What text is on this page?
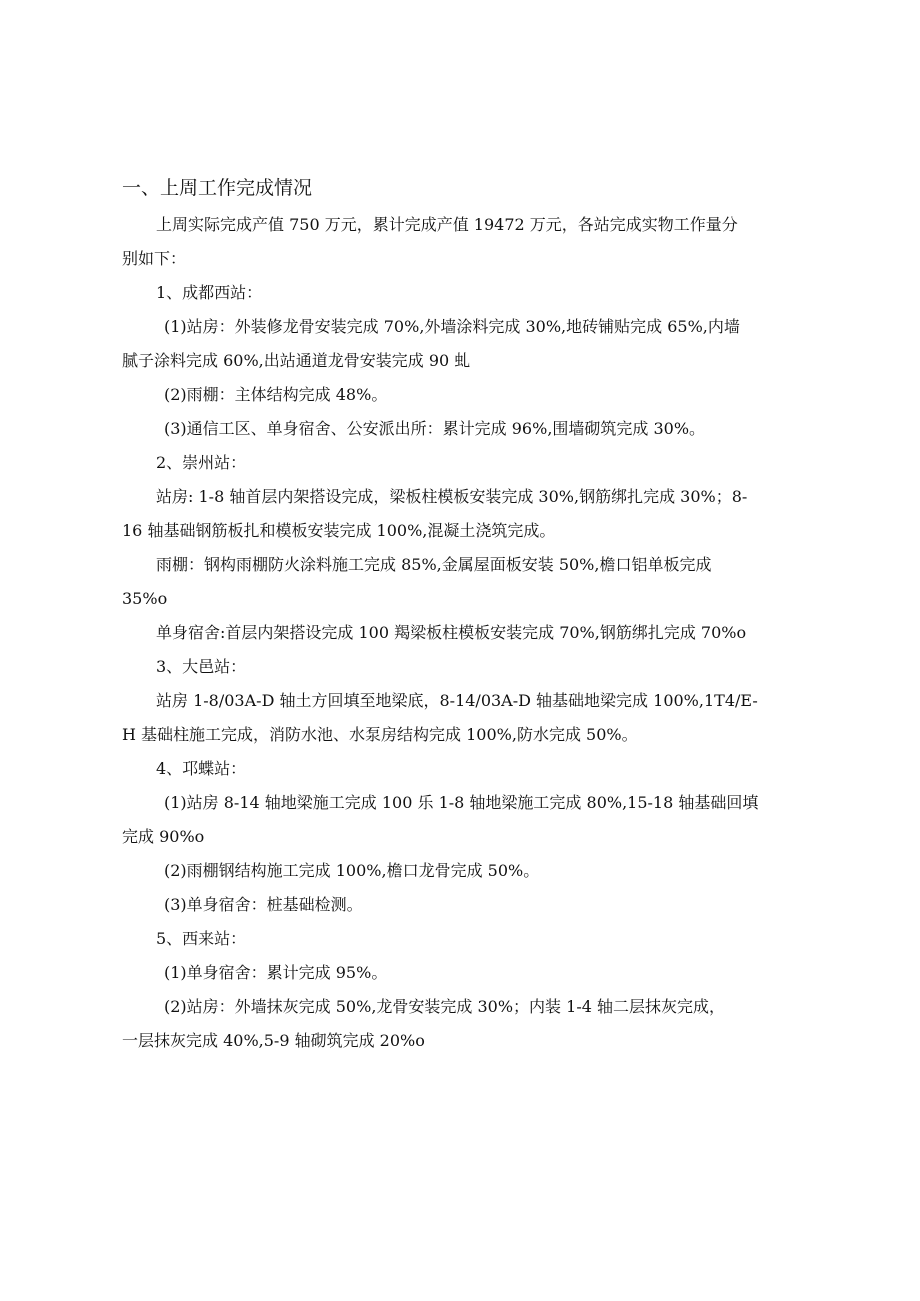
一、上周工作完成情况
上周实际完成产值 750 万元，累计完成产值 19472 万元，各站完成实物工作量分
别如下：
1、成都西站：
(1)站房：外装修龙骨安装完成 70%,外墙涂料完成 30%,地砖铺贴完成 65%,内墙
腻子涂料完成 60%,出站通道龙骨安装完成 90 虬
(2)雨棚：主体结构完成 48%。
(3)通信工区、单身宿舍、公安派出所：累计完成 96%,围墙砌筑完成 30%。
2、崇州站：
站房: 1-8 轴首层内架搭设完成，梁板柱模板安装完成 30%,钢筋绑扎完成 30%；8-
16 轴基础钢筋板扎和模板安装完成 100%,混凝土浇筑完成。
雨棚：钢构雨棚防火涂料施工完成 85%,金属屋面板安装 50%,檐口铝单板完成
35%o
单身宿舍:首层内架搭设完成 100 羯梁板柱模板安装完成 70%,钢筋绑扎完成 70%o
3、大邑站：
站房 1-8/03A-D 轴土方回填至地梁底，8-14/03A-D 轴基础地梁完成 100%,1T4/E-
H 基础柱施工完成，消防水池、水泵房结构完成 100%,防水完成 50%。
4、邛蝶站：
(1)站房 8-14 轴地梁施工完成 100 乐 1-8 轴地梁施工完成 80%,15-18 轴基础回填
完成 90%o
(2)雨棚钢结构施工完成 100%,檐口龙骨完成 50%。
(3)单身宿舍：桩基础检测。
5、西来站：
(1)单身宿舍：累计完成 95%。
(2)站房：外墙抹灰完成 50%,龙骨安装完成 30%；内装 1-4 轴二层抹灰完成，
一层抹灰完成 40%,5-9 轴砌筑完成 20%o
